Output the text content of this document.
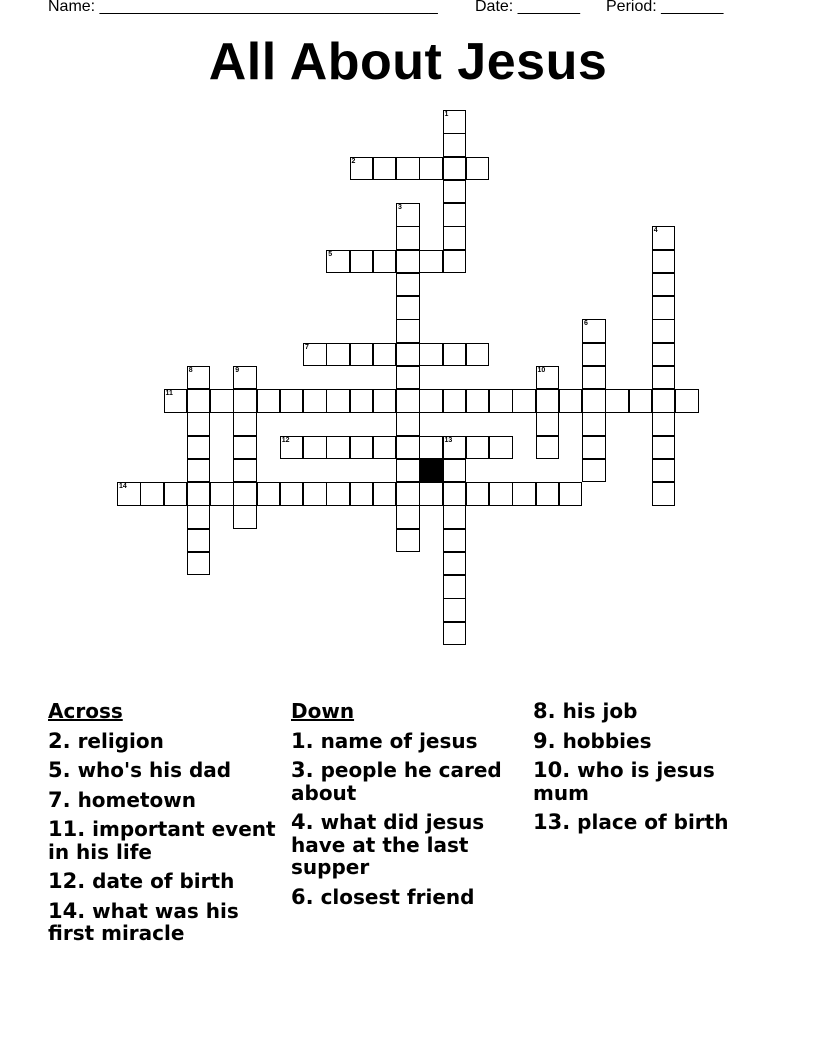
Name: ______________________________________ Date: _______ Period: _______
All About Jesus
1
2
3
4
5
6
7
8	9	10
11
12	13
14
Across
2. religion
5. who's his dad
7. hometown
11. important event in his life
12. date of birth
14. what was his first miracle
Down
1. name of jesus
3. people he cared about
4. what did jesus have at the last supper
6. closest friend
8. his job
9. hobbies
10. who is jesus mum
13. place of birth
